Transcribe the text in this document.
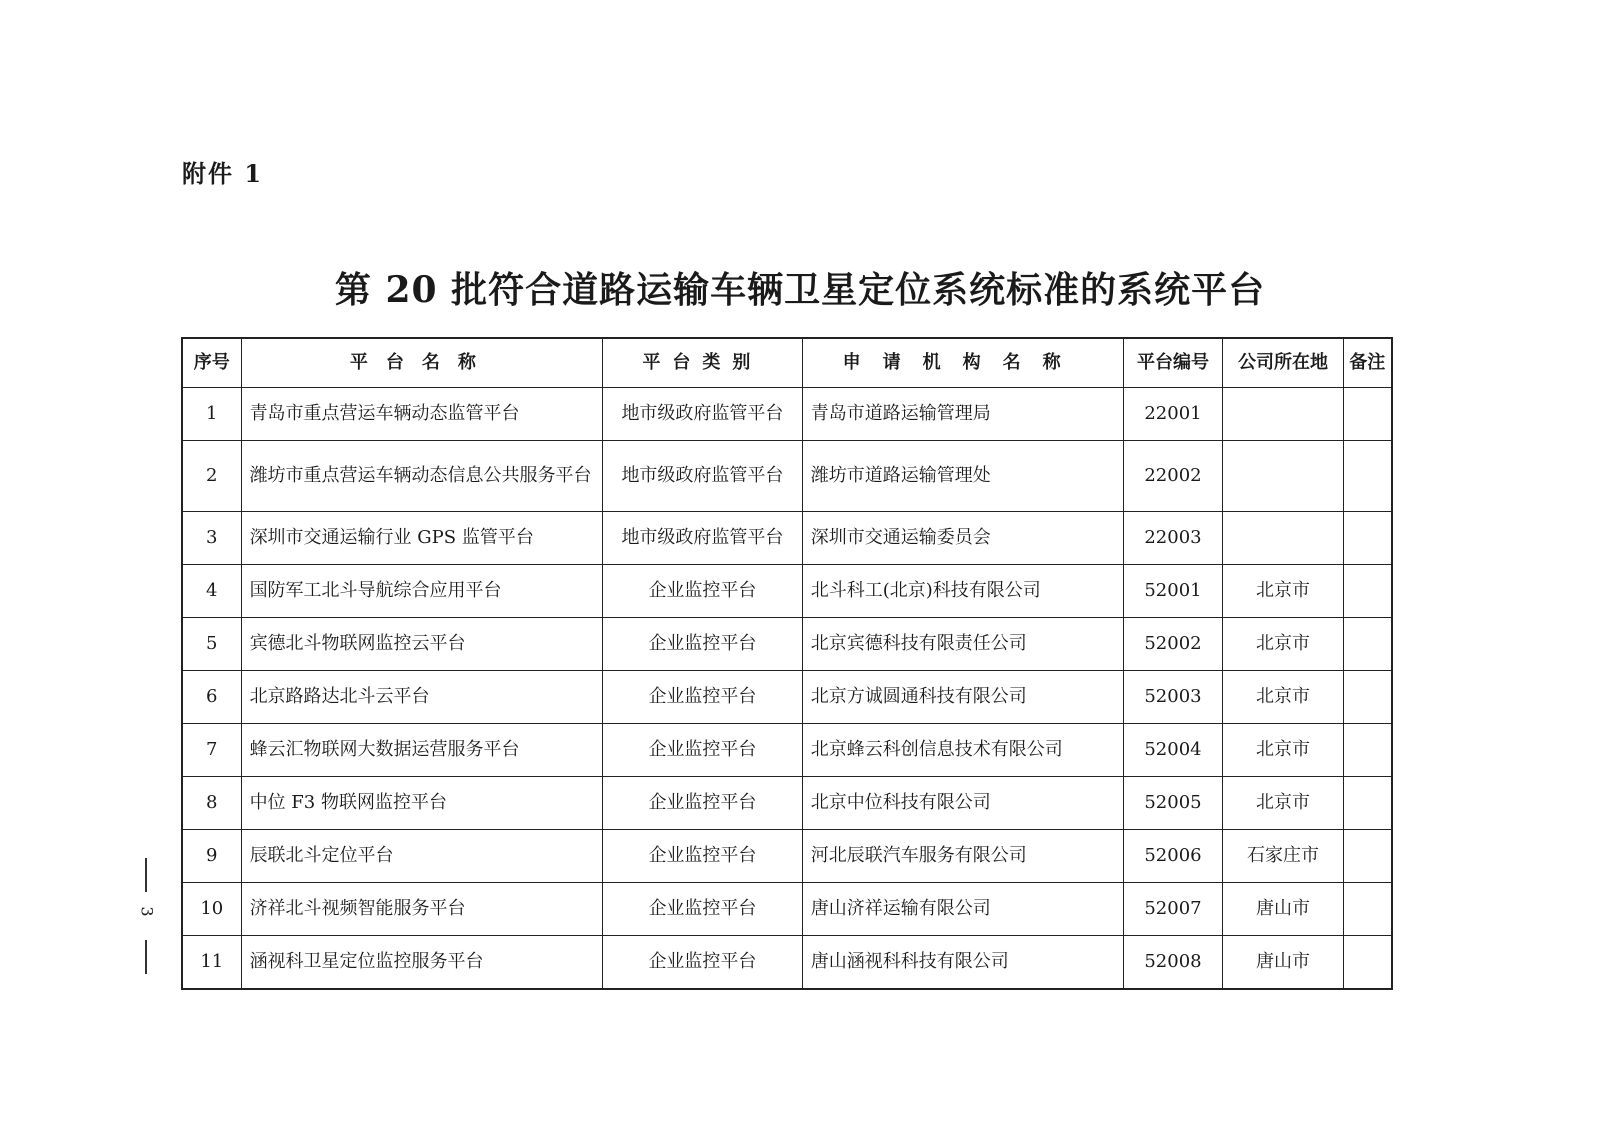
附件 1
第 20 批符合道路运输车辆卫星定位系统标准的系统平台
序号	平台名称	平台类别	申请机构名称	平台编号	公司所在地	备注
1	青岛市重点营运车辆动态监管平台	地市级政府监管平台	青岛市道路运输管理局	22001		
2	潍坊市重点营运车辆动态信息公共服务平台	地市级政府监管平台	潍坊市道路运输管理处	22002		
3	深圳市交通运输行业 GPS 监管平台	地市级政府监管平台	深圳市交通运输委员会	22003		
4	国防军工北斗导航综合应用平台	企业监控平台	北斗科工(北京)科技有限公司	52001	北京市	
5	宾德北斗物联网监控云平台	企业监控平台	北京宾德科技有限责任公司	52002	北京市	
6	北京路路达北斗云平台	企业监控平台	北京方诚圆通科技有限公司	52003	北京市	
7	蜂云汇物联网大数据运营服务平台	企业监控平台	北京蜂云科创信息技术有限公司	52004	北京市	
8	中位 F3 物联网监控平台	企业监控平台	北京中位科技有限公司	52005	北京市	
9	辰联北斗定位平台	企业监控平台	河北辰联汽车服务有限公司	52006	石家庄市	
10	济祥北斗视频智能服务平台	企业监控平台	唐山济祥运输有限公司	52007	唐山市	
11	涵视科卫星定位监控服务平台	企业监控平台	唐山涵视科科技有限公司	52008	唐山市	
3
